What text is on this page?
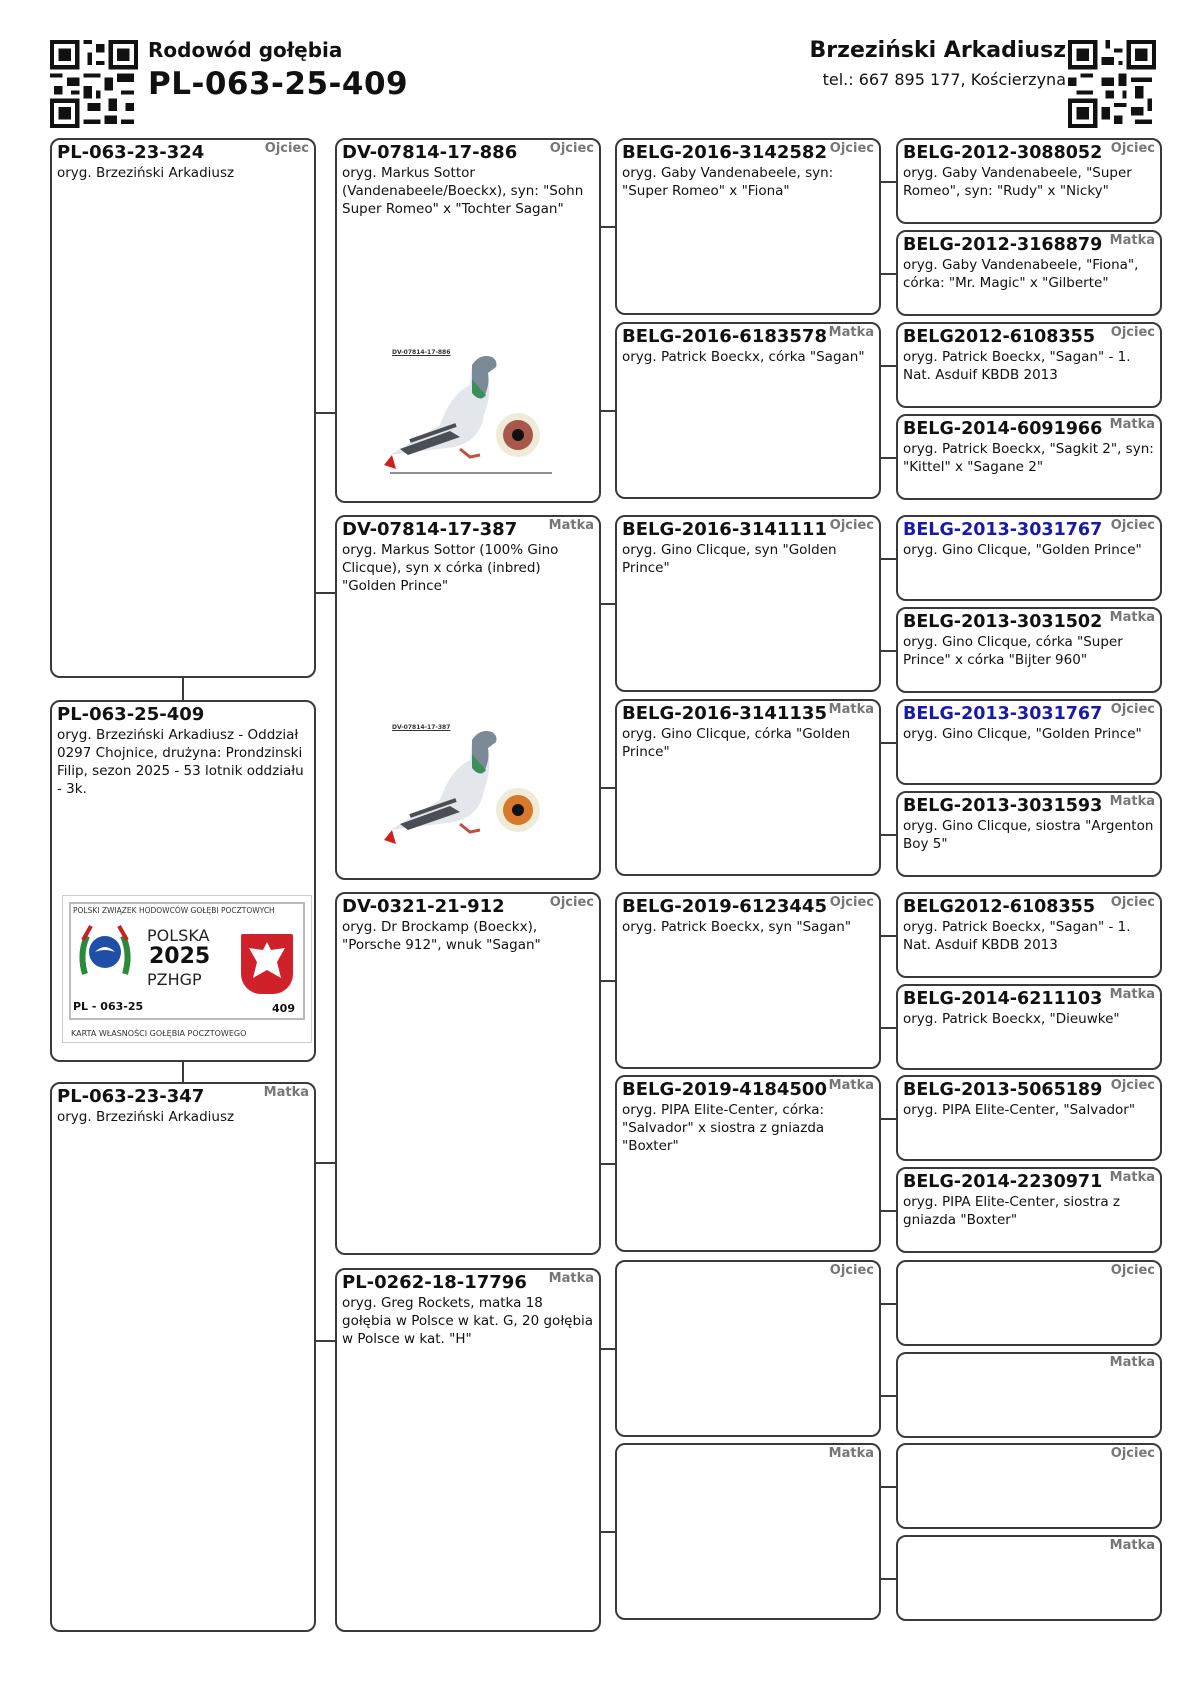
Rodowód gołębia
PL-063-25-409
Brzeziński Arkadiusz
tel.: 667 895 177, Kościerzyna
PL-063-23-324	Ojciec
oryg. Brzeziński Arkadiusz
PL-063-25-409
oryg. Brzeziński Arkadiusz - Oddział 0297 Chojnice, drużyna: Prondzinski Filip, sezon 2025 - 53 lotnik oddziału - 3k.
POLSKI ZWIĄZEK HODOWCÓW GOŁĘBI POCZTOWYCH
POLSKA
2025
PZHGP
PL - 063-25	409
KARTA WŁASNOŚCI GOŁĘBIA POCZTOWEGO
PL-063-23-347	Matka
oryg. Brzeziński Arkadiusz
DV-07814-17-886	Ojciec
oryg. Markus Sottor (Vandenabeele/Boeckx), syn: "Sohn Super Romeo" x "Tochter Sagan"
DV-07814-17-387	Matka
oryg. Markus Sottor (100% Gino Clicque), syn x córka (inbred) "Golden Prince"
DV-0321-21-912	Ojciec
oryg. Dr Brockamp (Boeckx), "Porsche 912", wnuk "Sagan"
PL-0262-18-17796	Matka
oryg. Greg Rockets, matka 18 gołębia w Polsce w kat. G, 20 gołębia w Polsce w kat. "H"
DV-07814-17-886
DV-07814-17-387
BELG-2016-3142582 Ojciec
oryg. Gaby Vandenabeele, syn: "Super Romeo" x "Fiona"
BELG-2016-6183578 Matka
oryg. Patrick Boeckx, córka "Sagan"
BELG-2016-3141111 Ojciec
oryg. Gino Clicque, syn "Golden Prince"
BELG-2016-3141135 Matka
oryg. Gino Clicque, córka "Golden Prince"
BELG-2019-6123445 Ojciec
oryg. Patrick Boeckx, syn "Sagan"
BELG-2019-4184500 Matka
oryg. PIPA Elite-Center, córka: "Salvador" x siostra z gniazda "Boxter"
Ojciec
Matka
BELG-2012-3088052 Ojciec
oryg. Gaby Vandenabeele, "Super Romeo", syn: "Rudy" x "Nicky"
BELG-2012-3168879 Matka
oryg. Gaby Vandenabeele, "Fiona", córka: "Mr. Magic" x "Gilberte"
BELG2012-6108355	Ojciec
oryg. Patrick Boeckx, "Sagan" - 1. Nat. Asduif KBDB 2013
BELG-2014-6091966 Matka
oryg. Patrick Boeckx, "Sagkit 2", syn: "Kittel" x "Sagane 2"
BELG-2013-3031767 Ojciec
oryg. Gino Clicque, "Golden Prince"
BELG-2013-3031502 Matka
oryg. Gino Clicque, córka "Super Prince" x córka "Bijter 960"
BELG-2013-3031767 Ojciec
oryg. Gino Clicque, "Golden Prince"
BELG-2013-3031593 Matka
oryg. Gino Clicque, siostra "Argenton Boy 5"
BELG2012-6108355	Ojciec
oryg. Patrick Boeckx, "Sagan" - 1. Nat. Asduif KBDB 2013
BELG-2014-6211103 Matka
oryg. Patrick Boeckx, "Dieuwke"
BELG-2013-5065189 Ojciec
oryg. PIPA Elite-Center, "Salvador"
BELG-2014-2230971 Matka
oryg. PIPA Elite-Center, siostra z gniazda "Boxter"
Ojciec
Matka
Ojciec
Matka
